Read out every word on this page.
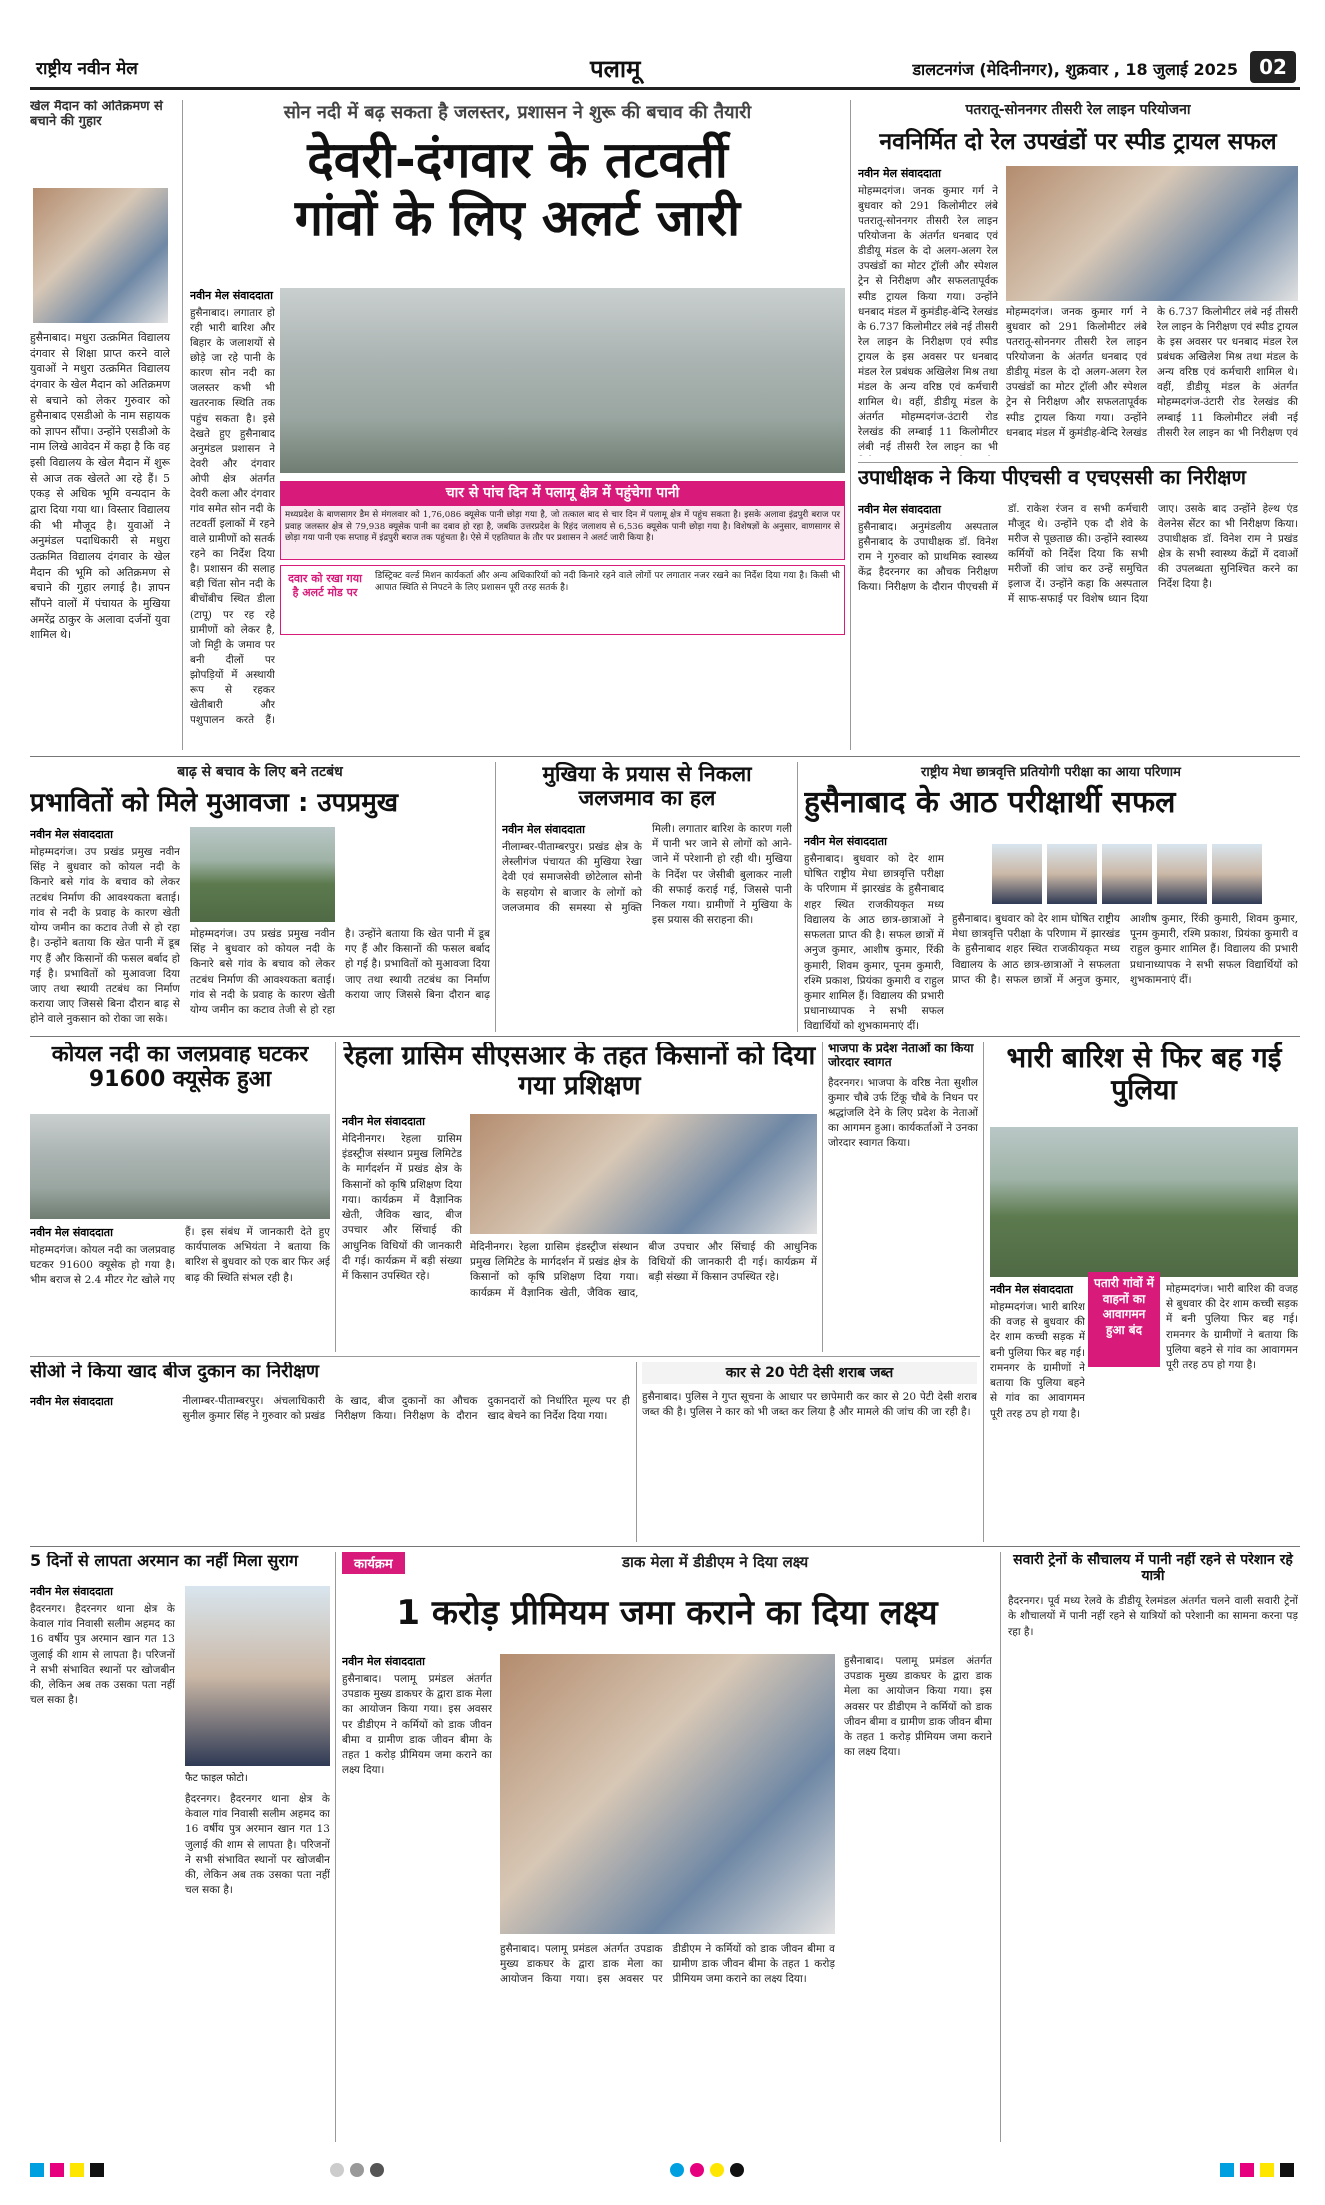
राष्ट्रीय नवीन मेल	पलामू	डालटनगंज (मेदिनीनगर), शुक्रवार , 18 जुलाई 2025	02
खेल मैदान को अतिक्रमण से बचाने की गुहार
हुसैनाबाद। मधुरा उत्क्रमित विद्यालय दंगवार से शिक्षा प्राप्त करने वाले युवाओं ने मधुरा उत्क्रमित विद्यालय दंगवार के खेल मैदान को अतिक्रमण से बचाने को लेकर गुरुवार को हुसैनाबाद एसडीओ के नाम सहायक को ज्ञापन सौंपा। उन्होंने एसडीओ के नाम लिखे आवेदन में कहा है कि वह इसी विद्यालय के खेल मैदान में शुरू से आज तक खेलते आ रहे हैं। 5 एकड़ से अधिक भूमि वन्यदान के द्वारा दिया गया था। विस्तार विद्यालय की भी मौजूद है। युवाओं ने अनुमंडल पदाधिकारी से मधुरा उत्क्रमित विद्यालय दंगवार के खेल मैदान की भूमि को अतिक्रमण से बचाने की गुहार लगाई है। ज्ञापन सौंपने वालों में पंचायत के मुखिया अमरेंद्र ठाकुर के अलावा दर्जनों युवा शामिल थे।
सोन नदी में बढ़ सकता है जलस्तर, प्रशासन ने शुरू की बचाव की तैयारी
देवरी-दंगवार के तटवर्ती
गांवों के लिए अलर्ट जारी
नवीन मेल संवाददाता
हुसैनाबाद। लगातार हो रही भारी बारिश और बिहार के जलाशयों से छोड़े जा रहे पानी के कारण सोन नदी का जलस्तर कभी भी खतरनाक स्थिति तक पहुंच सकता है। इसे देखते हुए हुसैनाबाद अनुमंडल प्रशासन ने देवरी और दंगवार ओपी क्षेत्र अंतर्गत देवरी कला और दंगवार गांव समेत सोन नदी के तटवर्ती इलाकों में रहने वाले ग्रामीणों को सतर्क रहने का निर्देश दिया है। प्रशासन की सलाह बड़ी चिंता सोन नदी के बीचोंबीच स्थित डीला (टापू) पर रह रहे ग्रामीणों को लेकर है, जो मिट्टी के जमाव पर बनी दीलों पर झोपड़ियों में अस्थायी रूप से रहकर खेतीबारी और पशुपालन करते हैं।
चार से पांच दिन में पलामू क्षेत्र में पहुंचेगा पानी
मध्यप्रदेश के बाणसागर डैम से मंगलवार को 1,76,086 क्यूसेक पानी छोड़ा गया है, जो तत्काल बाद से चार दिन में पलामू क्षेत्र में पहुंच सकता है। इसके अलावा इंद्रपुरी बराज पर प्रवाह जलस्तर क्षेत्र से 79,938 क्यूसेक पानी का दबाव हो रहा है, जबकि उत्तरप्रदेश के रिहंद जलाशय से 6,536 क्यूसेक पानी छोड़ा गया है। विशेषज्ञों के अनुसार, वाणसागर से छोड़ा गया पानी एक सप्ताह में इंद्रपुरी बराज तक पहुंचता है। ऐसे में एहतियात के तौर पर प्रशासन ने अलर्ट जारी किया है।
दवार को रखा गया है अलर्ट मोड पर
डिस्ट्रिक्ट वर्ल्ड मिशन कार्यकर्ता और अन्य अधिकारियों को नदी किनारे रहने वाले लोगों पर लगातार नजर रखने का निर्देश दिया गया है। किसी भी आपात स्थिति से निपटने के लिए प्रशासन पूरी तरह सतर्क है।
पतरातू-सोननगर तीसरी रेल लाइन परियोजना
नवनिर्मित दो रेल उपखंडों पर स्पीड ट्रायल सफल
नवीन मेल संवाददाता
मोहम्मदगंज। जनक कुमार गर्ग ने बुधवार को 291 किलोमीटर लंबे पतरातू-सोननगर तीसरी रेल लाइन परियोजना के अंतर्गत धनबाद एवं डीडीयू मंडल के दो अलग-अलग रेल उपखंडों का मोटर ट्रॉली और स्पेशल ट्रेन से निरीक्षण और सफलतापूर्वक स्पीड ट्रायल किया गया। उन्होंने धनबाद मंडल में कुमंडीह-बेन्दि रेलखंड के 6.737 किलोमीटर लंबे नई तीसरी रेल लाइन के निरीक्षण एवं स्पीड ट्रायल के इस अवसर पर धनबाद मंडल रेल प्रबंधक अखिलेश मिश्र तथा मंडल के अन्य वरिष्ठ एवं कर्मचारी शामिल थे। वहीं, डीडीयू मंडल के अंतर्गत मोहम्मदगंज-उंटारी रोड रेलखंड की लम्बाई 11 किलोमीटर लंबी नई तीसरी रेल लाइन का भी
मोहम्मदगंज। जनक कुमार गर्ग ने बुधवार को 291 किलोमीटर लंबे पतरातू-सोननगर तीसरी रेल लाइन परियोजना के अंतर्गत धनबाद एवं डीडीयू मंडल के दो अलग-अलग रेल उपखंडों का मोटर ट्रॉली और स्पेशल ट्रेन से निरीक्षण और सफलतापूर्वक स्पीड ट्रायल किया गया। उन्होंने धनबाद मंडल में कुमंडीह-बेन्दि रेलखंड के 6.737 किलोमीटर लंबे नई तीसरी रेल लाइन के निरीक्षण एवं स्पीड ट्रायल के इस अवसर पर धनबाद मंडल रेल प्रबंधक अखिलेश मिश्र तथा मंडल के अन्य वरिष्ठ एवं कर्मचारी शामिल थे। वहीं, डीडीयू मंडल के अंतर्गत मोहम्मदगंज-उंटारी रोड रेलखंड की लम्बाई 11 किलोमीटर लंबी नई तीसरी रेल लाइन का भी निरीक्षण एवं
उपाधीक्षक ने किया पीएचसी व एचएससी का निरीक्षण
नवीन मेल संवाददाता
हुसैनाबाद। अनुमंडलीय अस्पताल हुसैनाबाद के उपाधीक्षक डॉ. विनेश राम ने गुरुवार को प्राथमिक स्वास्थ्य केंद्र हैदरनगर का औचक निरीक्षण किया। निरीक्षण के दौरान पीएचसी में डॉ. राकेश रंजन व सभी कर्मचारी मौजूद थे। उन्होंने एक दौ शेवे के मरीज से पूछताछ की। उन्होंने स्वास्थ्य कर्मियों को निर्देश दिया कि सभी मरीजों की जांच कर उन्हें समुचित इलाज दें। उन्होंने कहा कि अस्पताल में साफ-सफाई पर विशेष ध्यान दिया जाए। उसके बाद उन्होंने हेल्थ एंड वेलनेस सेंटर का भी निरीक्षण किया। उपाधीक्षक डॉ. विनेश राम ने प्रखंड क्षेत्र के सभी स्वास्थ्य केंद्रों में दवाओं की उपलब्धता सुनिश्चित करने का निर्देश दिया है।
बाढ़ से बचाव के लिए बने तटबंध
प्रभावितों को मिले मुआवजा : उपप्रमुख
नवीन मेल संवाददाता
मोहम्मदगंज। उप प्रखंड प्रमुख नवीन सिंह ने बुधवार को कोयल नदी के किनारे बसे गांव के बचाव को लेकर तटबंध निर्माण की आवश्यकता बताई। गांव से नदी के प्रवाह के कारण खेती योग्य जमीन का कटाव तेजी से हो रहा है। उन्होंने बताया कि खेत पानी में डूब गए हैं और किसानों की फसल बर्बाद हो गई है। प्रभावितों को मुआवजा दिया जाए तथा स्थायी तटबंध का निर्माण कराया जाए जिससे बिना दौरान बाढ़ से होने वाले नुकसान को रोका जा सके।
मोहम्मदगंज। उप प्रखंड प्रमुख नवीन सिंह ने बुधवार को कोयल नदी के किनारे बसे गांव के बचाव को लेकर तटबंध निर्माण की आवश्यकता बताई। गांव से नदी के प्रवाह के कारण खेती योग्य जमीन का कटाव तेजी से हो रहा है। उन्होंने बताया कि खेत पानी में डूब गए हैं और किसानों की फसल बर्बाद हो गई है। प्रभावितों को मुआवजा दिया जाए तथा स्थायी तटबंध का निर्माण कराया जाए जिससे बिना दौरान बाढ़
मुखिया के प्रयास से निकला जलजमाव का हल
नवीन मेल संवाददाता
नीलाम्बर-पीताम्बरपुर। प्रखंड क्षेत्र के लेस्लीगंज पंचायत की मुखिया रेखा देवी एवं समाजसेवी छोटेलाल सोनी के सहयोग से बाजार के लोगों को जलजमाव की समस्या से मुक्ति मिली। लगातार बारिश के कारण गली में पानी भर जाने से लोगों को आने-जाने में परेशानी हो रही थी। मुखिया के निर्देश पर जेसीबी बुलाकर नाली की सफाई कराई गई, जिससे पानी निकल गया। ग्रामीणों ने मुखिया के इस प्रयास की सराहना की।
राष्ट्रीय मेधा छात्रवृत्ति प्रतियोगी परीक्षा का आया परिणाम
हुसैनाबाद के आठ परीक्षार्थी सफल
नवीन मेल संवाददाता
हुसैनाबाद। बुधवार को देर शाम घोषित राष्ट्रीय मेधा छात्रवृत्ति परीक्षा के परिणाम में झारखंड के हुसैनाबाद शहर स्थित राजकीयकृत मध्य विद्यालय के आठ छात्र-छात्राओं ने सफलता प्राप्त की है। सफल छात्रों में अनुज कुमार, आशीष कुमार, रिंकी कुमारी, शिवम कुमार, पूनम कुमारी, रश्मि प्रकाश, प्रियंका कुमारी व राहुल कुमार शामिल हैं। विद्यालय की प्रभारी प्रधानाध्यापक ने सभी सफल विद्यार्थियों को शुभकामनाएं दीं।
हुसैनाबाद। बुधवार को देर शाम घोषित राष्ट्रीय मेधा छात्रवृत्ति परीक्षा के परिणाम में झारखंड के हुसैनाबाद शहर स्थित राजकीयकृत मध्य विद्यालय के आठ छात्र-छात्राओं ने सफलता प्राप्त की है। सफल छात्रों में अनुज कुमार, आशीष कुमार, रिंकी कुमारी, शिवम कुमार, पूनम कुमारी, रश्मि प्रकाश, प्रियंका कुमारी व राहुल कुमार शामिल हैं। विद्यालय की प्रभारी प्रधानाध्यापक ने सभी सफल विद्यार्थियों को शुभकामनाएं दीं।
कोयल नदी का जलप्रवाह घटकर 91600 क्यूसेक हुआ
नवीन मेल संवाददाता
मोहम्मदगंज। कोयल नदी का जलप्रवाह घटकर 91600 क्यूसेक हो गया है। भीम बराज से 2.4 मीटर गेट खोले गए हैं। इस संबंध में जानकारी देते हुए कार्यपालक अभियंता ने बताया कि बारिश से बुधवार को एक बार फिर अई बाढ़ की स्थिति संभल रही है।
रेहला ग्रासिम सीएसआर के तहत किसानों को दिया गया प्रशिक्षण
नवीन मेल संवाददाता
मेदिनीनगर। रेहला ग्रासिम इंडस्ट्रीज संस्थान प्रमुख लिमिटेड के मार्गदर्शन में प्रखंड क्षेत्र के किसानों को कृषि प्रशिक्षण दिया गया। कार्यक्रम में वैज्ञानिक खेती, जैविक खाद, बीज उपचार और सिंचाई की आधुनिक विधियों की जानकारी दी गई। कार्यक्रम में बड़ी संख्या में किसान उपस्थित रहे।
मेदिनीनगर। रेहला ग्रासिम इंडस्ट्रीज संस्थान प्रमुख लिमिटेड के मार्गदर्शन में प्रखंड क्षेत्र के किसानों को कृषि प्रशिक्षण दिया गया। कार्यक्रम में वैज्ञानिक खेती, जैविक खाद, बीज उपचार और सिंचाई की आधुनिक विधियों की जानकारी दी गई। कार्यक्रम में बड़ी संख्या में किसान उपस्थित रहे।
भाजपा के प्रदेश नेताओं का किया जोरदार स्वागत
हैदरनगर। भाजपा के वरिष्ठ नेता सुशील कुमार चौबे उर्फ टिंकू चौबे के निधन पर श्रद्धांजलि देने के लिए प्रदेश के नेताओं का आगमन हुआ। कार्यकर्ताओं ने उनका जोरदार स्वागत किया।
भारी बारिश से फिर बह गई पुलिया
पतारी गांवों में वाहनों का आवागमन हुआ बंद
नवीन मेल संवाददाता
मोहम्मदगंज। भारी बारिश की वजह से बुधवार की देर शाम कच्ची सड़क में बनी पुलिया फिर बह गई। रामनगर के ग्रामीणों ने बताया कि पुलिया बहने से गांव का आवागमन पूरी तरह ठप हो गया है।
मोहम्मदगंज। भारी बारिश की वजह से बुधवार की देर शाम कच्ची सड़क में बनी पुलिया फिर बह गई। रामनगर के ग्रामीणों ने बताया कि पुलिया बहने से गांव का आवागमन पूरी तरह ठप हो गया है।
सीओ ने किया खाद बीज दुकान का निरीक्षण
नवीन मेल संवाददाता	नीलाम्बर-पीताम्बरपुर। अंचलाधिकारी सुनील कुमार सिंह ने गुरुवार को प्रखंड के खाद, बीज दुकानों का औचक निरीक्षण किया। निरीक्षण के दौरान दुकानदारों को निर्धारित मूल्य पर ही खाद बेचने का निर्देश दिया गया।
कार से 20 पेटी देसी शराब जब्त
हुसैनाबाद। पुलिस ने गुप्त सूचना के आधार पर छापेमारी कर कार से 20 पेटी देसी शराब जब्त की है। पुलिस ने कार को भी जब्त कर लिया है और मामले की जांच की जा रही है।
5 दिनों से लापता अरमान का नहीं मिला सुराग
नवीन मेल संवाददाता
हैदरनगर। हैदरनगर थाना क्षेत्र के केवाल गांव निवासी सलीम अहमद का 16 वर्षीय पुत्र अरमान खान गत 13 जुलाई की शाम से लापता है। परिजनों ने सभी संभावित स्थानों पर खोजबीन की, लेकिन अब तक उसका पता नहीं चल सका है।
फैट फाइल फोटो।
हैदरनगर। हैदरनगर थाना क्षेत्र के केवाल गांव निवासी सलीम अहमद का 16 वर्षीय पुत्र अरमान खान गत 13 जुलाई की शाम से लापता है। परिजनों ने सभी संभावित स्थानों पर खोजबीन की, लेकिन अब तक उसका पता नहीं चल सका है।
कार्यक्रम	डाक मेला में डीडीएम ने दिया लक्ष्य
1 करोड़ प्रीमियम जमा कराने का दिया लक्ष्य
नवीन मेल संवाददाता
हुसैनाबाद। पलामू प्रमंडल अंतर्गत उपडाक मुख्य डाकघर के द्वारा डाक मेला का आयोजन किया गया। इस अवसर पर डीडीएम ने कर्मियों को डाक जीवन बीमा व ग्रामीण डाक जीवन बीमा के तहत 1 करोड़ प्रीमियम जमा कराने का लक्ष्य दिया।
हुसैनाबाद। पलामू प्रमंडल अंतर्गत उपडाक मुख्य डाकघर के द्वारा डाक मेला का आयोजन किया गया। इस अवसर पर डीडीएम ने कर्मियों को डाक जीवन बीमा व ग्रामीण डाक जीवन बीमा के तहत 1 करोड़ प्रीमियम जमा कराने का लक्ष्य दिया।
हुसैनाबाद। पलामू प्रमंडल अंतर्गत उपडाक मुख्य डाकघर के द्वारा डाक मेला का आयोजन किया गया। इस अवसर पर डीडीएम ने कर्मियों को डाक जीवन बीमा व ग्रामीण डाक जीवन बीमा के तहत 1 करोड़ प्रीमियम जमा कराने का लक्ष्य दिया।
सवारी ट्रेनों के सौचालय में पानी नहीं रहने से परेशान रहे यात्री
हैदरनगर। पूर्व मध्य रेलवे के डीडीयू रेलमंडल अंतर्गत चलने वाली सवारी ट्रेनों के शौचालयों में पानी नहीं रहने से यात्रियों को परेशानी का सामना करना पड़ रहा है।
